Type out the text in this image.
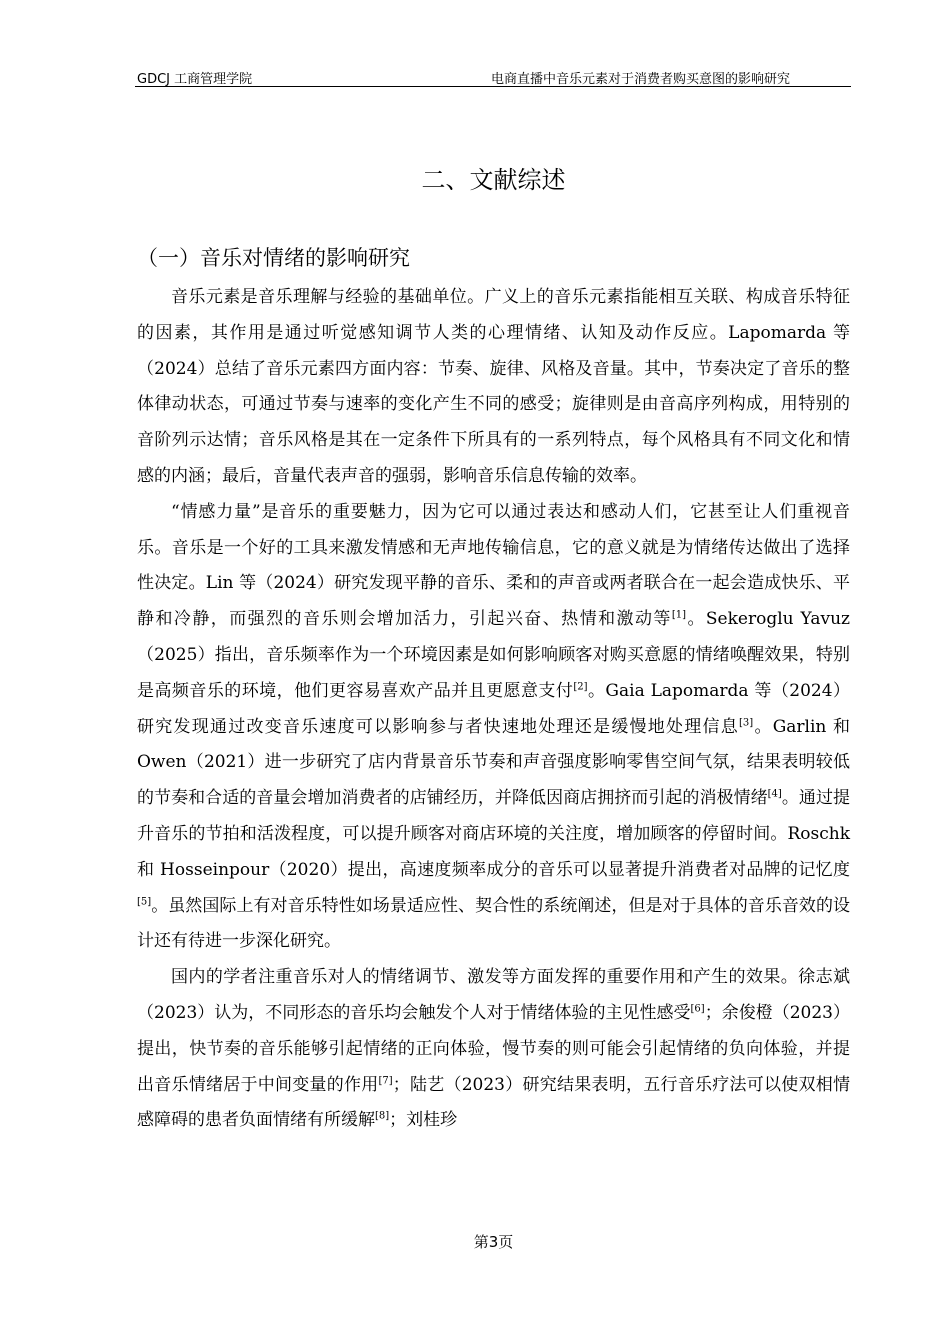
GDCJ 工商管理学院	电商直播中音乐元素对于消费者购买意图的影响研究
二、文献综述
（一）音乐对情绪的影响研究

音乐元素是音乐理解与经验的基础单位。广义上的音乐元素指能相互关联、构成音乐特征的因素，其作用是通过听觉感知调节人类的心理情绪、认知及动作反应。Lapomarda 等（2024）总结了音乐元素四方面内容：节奏、旋律、风格及音量。其中，节奏决定了音乐的整体律动状态，可通过节奏与速率的变化产生不同的感受；旋律则是由音高序列构成，用特别的音阶列示达情；音乐风格是其在一定条件下所具有的一系列特点，每个风格具有不同文化和情感的内涵；最后，音量代表声音的强弱，影响音乐信息传输的效率。

“情感力量”是音乐的重要魅力，因为它可以通过表达和感动人们，它甚至让人们重视音乐。音乐是一个好的工具来激发情感和无声地传输信息，它的意义就是为情绪传达做出了选择性决定。Lin 等（2024）研究发现平静的音乐、柔和的声音或两者联合在一起会造成快乐、平静和冷静，而强烈的音乐则会增加活力，引起兴奋、热情和激动等[1]。Sekeroglu Yavuz（2025）指出，音乐频率作为一个环境因素是如何影响顾客对购买意愿的情绪唤醒效果，特别是高频音乐的环境，他们更容易喜欢产品并且更愿意支付[2]。Gaia Lapomarda 等（2024）研究发现通过改变音乐速度可以影响参与者快速地处理还是缓慢地处理信息[3]。Garlin 和 Owen（2021）进一步研究了店内背景音乐节奏和声音强度影响零售空间气氛，结果表明较低的节奏和合适的音量会增加消费者的店铺经历，并降低因商店拥挤而引起的消极情绪[4]。通过提升音乐的节拍和活泼程度，可以提升顾客对商店环境的关注度，增加顾客的停留时间。Roschk 和 Hosseinpour（2020）提出，高速度频率成分的音乐可以显著提升消费者对品牌的记忆度[5]。虽然国际上有对音乐特性如场景适应性、契合性的系统阐述，但是对于具体的音乐音效的设计还有待进一步深化研究。

国内的学者注重音乐对人的情绪调节、激发等方面发挥的重要作用和产生的效果。徐志斌（2023）认为，不同形态的音乐均会触发个人对于情绪体验的主见性感受[6]；余俊橙（2023）提出，快节奏的音乐能够引起情绪的正向体验，慢节奏的则可能会引起情绪的负向体验，并提出音乐情绪居于中间变量的作用[7]；陆艺（2023）研究结果表明，五行音乐疗法可以使双相情感障碍的患者负面情绪有所缓解[8]；刘桂珍

第3页
